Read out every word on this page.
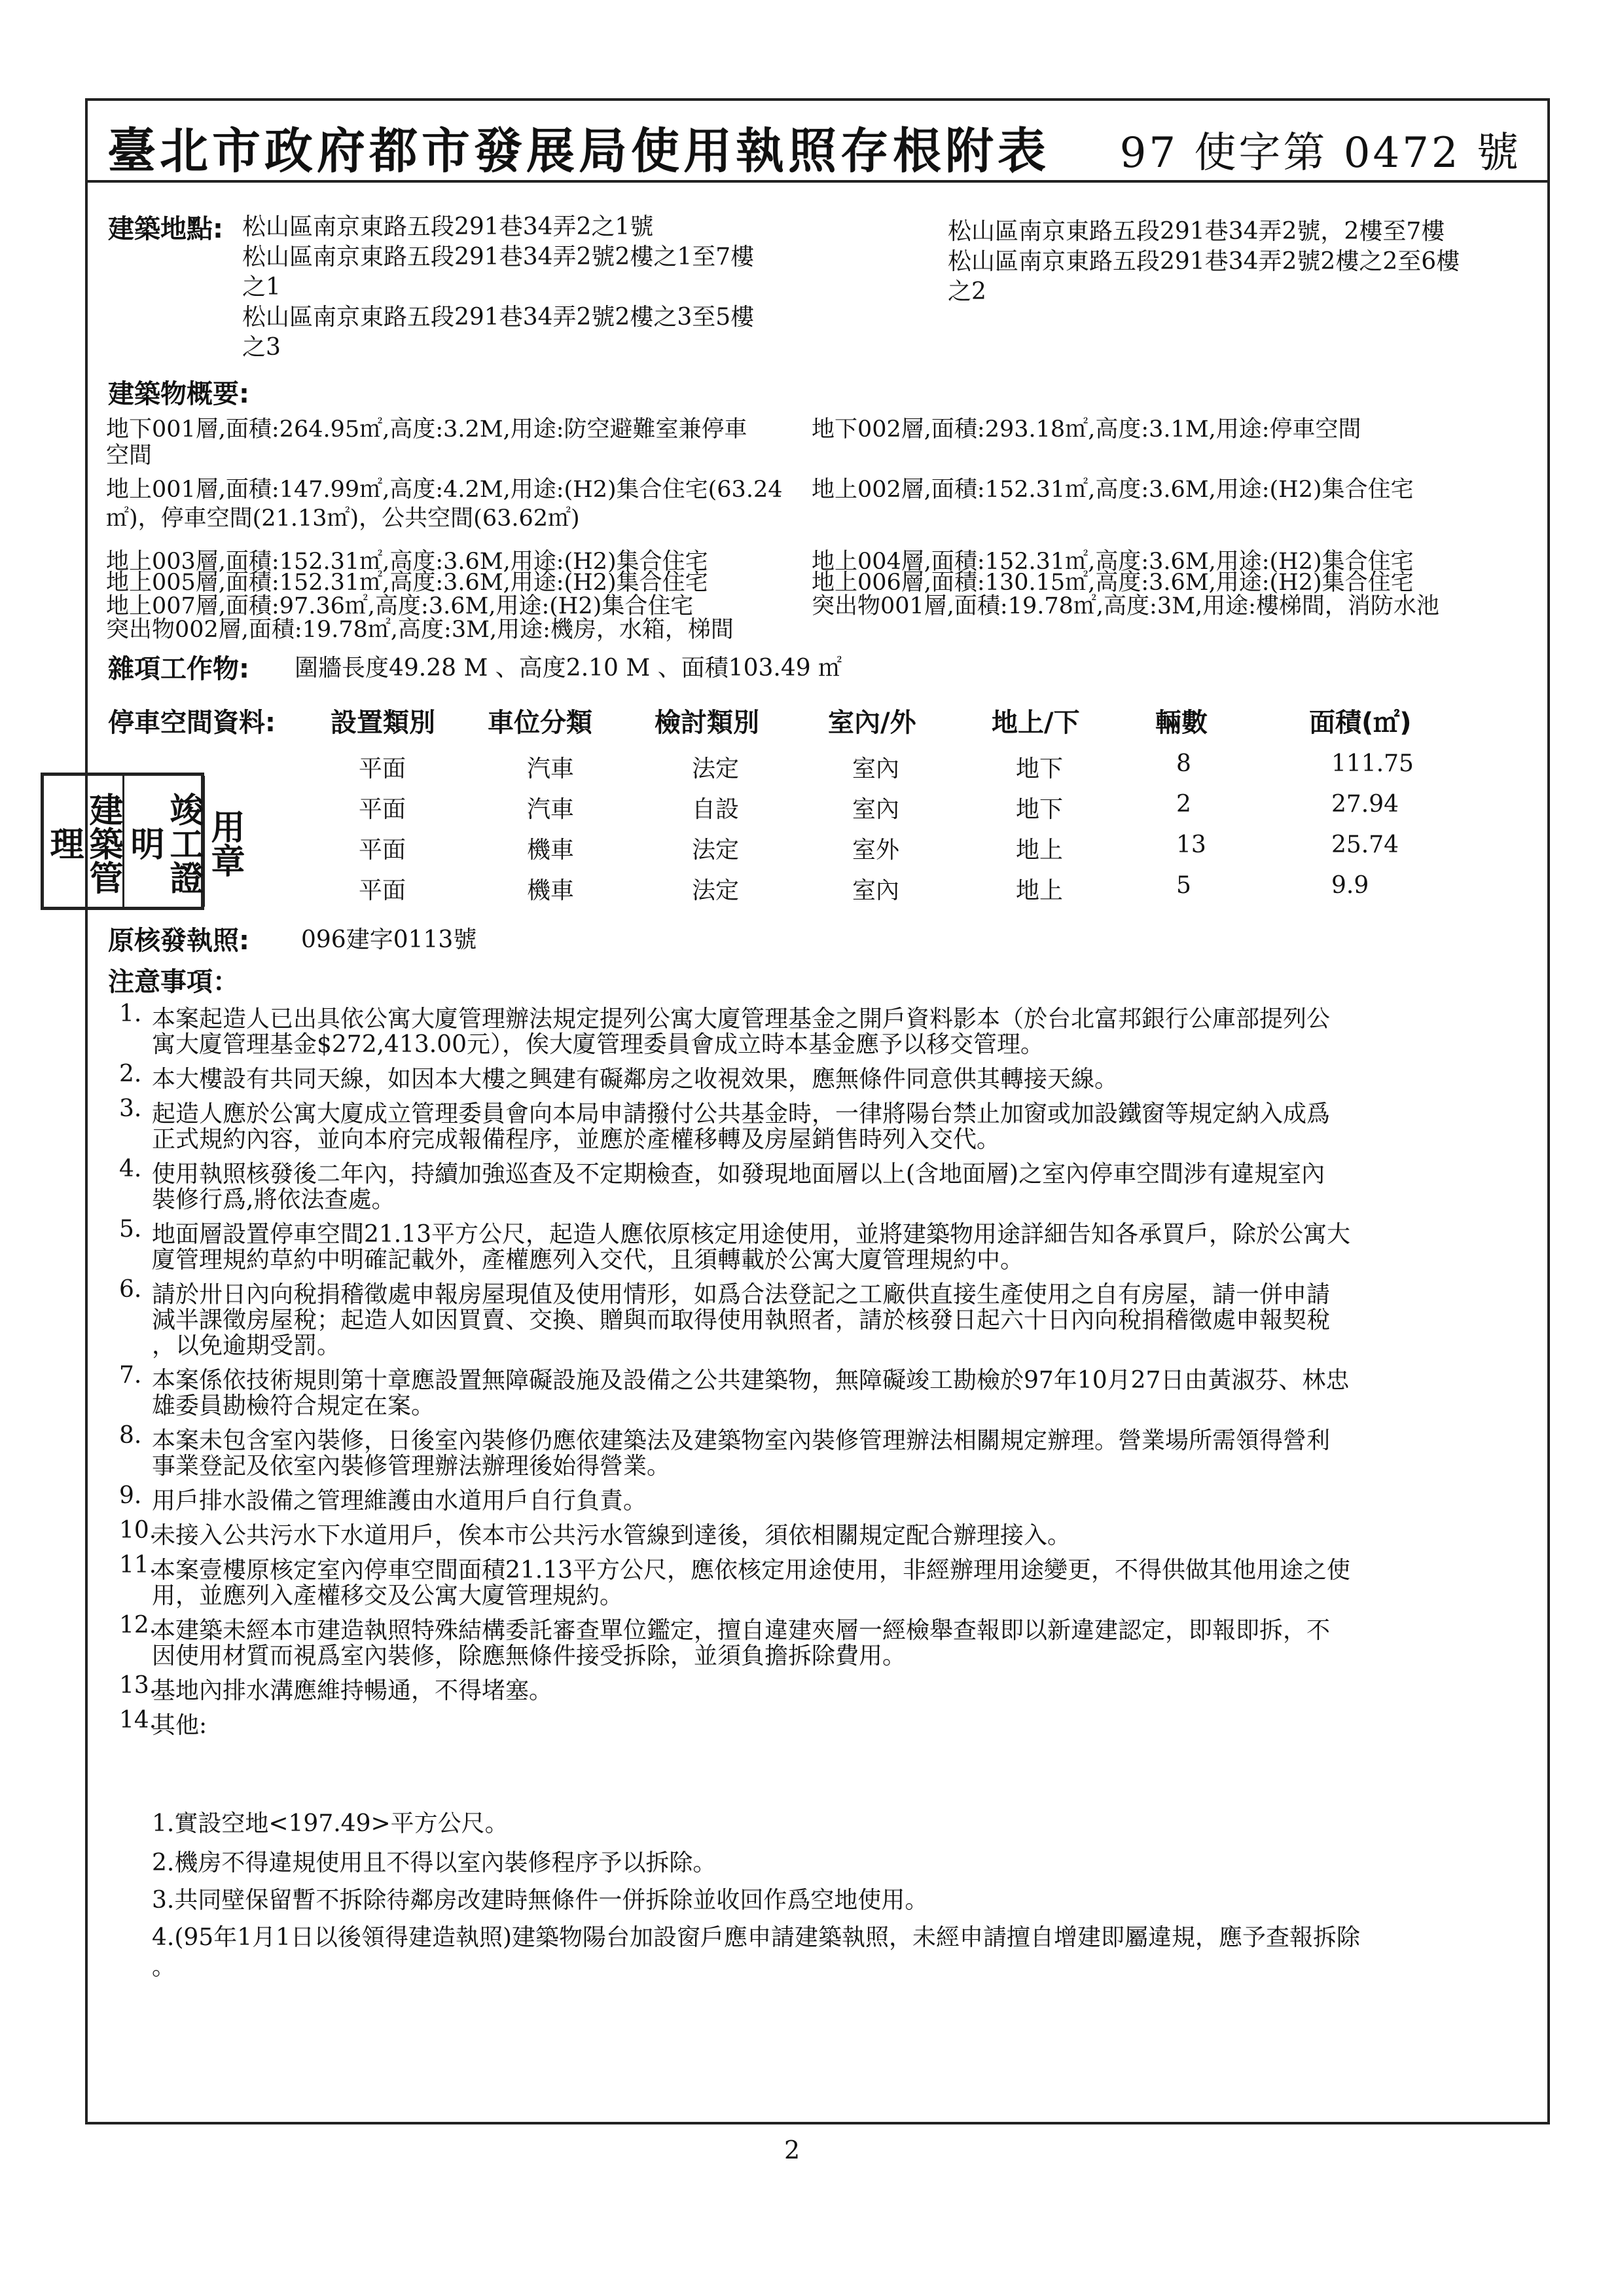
臺北市政府都市發展局使用執照存根附表 97 使字第 0472 號
建築地點: 松山區南京東路五段291巷34弄2之1號
松山區南京東路五段291巷34弄2號2樓之1至7樓
之1
松山區南京東路五段291巷34弄2號2樓之3至5樓
之3
松山區南京東路五段291巷34弄2號，2樓至7樓
松山區南京東路五段291巷34弄2號2樓之2至6樓
之2
建築物概要:
地下001層,面積:264.95㎡,高度:3.2M,用途:防空避難室兼停車	地下002層,面積:293.18㎡,高度:3.1M,用途:停車空間
空間
地上001層,面積:147.99㎡,高度:4.2M,用途:(H2)集合住宅(63.24 地上002層,面積:152.31㎡,高度:3.6M,用途:(H2)集合住宅
㎡)，停車空間(21.13㎡)，公共空間(63.62㎡)
地上003層,面積:152.31㎡,高度:3.6M,用途:(H2)集合住宅	地上004層,面積:152.31㎡,高度:3.6M,用途:(H2)集合住宅
地上005層,面積:152.31㎡,高度:3.6M,用途:(H2)集合住宅	地上006層,面積:130.15㎡,高度:3.6M,用途:(H2)集合住宅
地上007層,面積:97.36㎡,高度:3.6M,用途:(H2)集合住宅	突出物001層,面積:19.78㎡,高度:3M,用途:樓梯間，消防水池
突出物002層,面積:19.78㎡,高度:3M,用途:機房，水箱，梯間
雜項工作物: 圍牆長度49.28 M 、高度2.10 M 、面積103.49 ㎡
停車空間資料: 設置類別 車位分類 檢討類別	室內/外	地上/下	輛數	面積(㎡)
平面	汽車	法定	室內	地下	8	111.75
平面	汽車	自設	室內	地下	2	27.94
平面	機車	法定	室外	地上	13	25.74
平面	機車	法定	室內	地上	5	9.9
建築管理	竣工證明	用章
原核發執照: 096建字0113號
注意事項：
1. 本案起造人已出具依公寓大廈管理辦法規定提列公寓大廈管理基金之開戶資料影本（於台北富邦銀行公庫部提列公
寓大廈管理基金$272,413.00元），俟大廈管理委員會成立時本基金應予以移交管理。
2. 本大樓設有共同天線，如因本大樓之興建有礙鄰房之收視效果，應無條件同意供其轉接天線。
3. 起造人應於公寓大廈成立管理委員會向本局申請撥付公共基金時，一律將陽台禁止加窗或加設鐵窗等規定納入成爲
正式規約內容，並向本府完成報備程序，並應於產權移轉及房屋銷售時列入交代。
4. 使用執照核發後二年內，持續加強巡查及不定期檢查，如發現地面層以上(含地面層)之室內停車空間涉有違規室內
裝修行爲,將依法查處。
5. 地面層設置停車空間21.13平方公尺，起造人應依原核定用途使用，並將建築物用途詳細告知各承買戶，除於公寓大
廈管理規約草約中明確記載外，產權應列入交代，且須轉載於公寓大廈管理規約中。
6. 請於卅日內向稅捐稽徵處申報房屋現值及使用情形，如爲合法登記之工廠供直接生產使用之自有房屋，請一併申請
減半課徵房屋稅；起造人如因買賣、交換、贈與而取得使用執照者，請於核發日起六十日內向稅捐稽徵處申報契稅
，以免逾期受罰。
7. 本案係依技術規則第十章應設置無障礙設施及設備之公共建築物，無障礙竣工勘檢於97年10月27日由黃淑芬、林忠
雄委員勘檢符合規定在案。
8. 本案未包含室內裝修，日後室內裝修仍應依建築法及建築物室內裝修管理辦法相關規定辦理。營業場所需領得營利
事業登記及依室內裝修管理辦法辦理後始得營業。
9. 用戶排水設備之管理維護由水道用戶自行負責。
10.
未接入公共污水下水道用戶，俟本市公共污水管線到達後，須依相關規定配合辦理接入。
11.
本案壹樓原核定室內停車空間面積21.13平方公尺，應依核定用途使用，非經辦理用途變更，不得供做其他用途之使
用，並應列入產權移交及公寓大廈管理規約。
12.
本建築未經本市建造執照特殊結構委託審查單位鑑定，擅自違建夾層一經檢舉查報即以新違建認定，即報即拆，不
因使用材質而視爲室內裝修，除應無條件接受拆除，並須負擔拆除費用。
13.
基地內排水溝應維持暢通，不得堵塞。
14.
其他:
1.實設空地<197.49>平方公尺。
2.機房不得違規使用且不得以室內裝修程序予以拆除。
3.共同壁保留暫不拆除待鄰房改建時無條件一併拆除並收回作爲空地使用。
4.(95年1月1日以後領得建造執照)建築物陽台加設窗戶應申請建築執照，未經申請擅自增建即屬違規，應予查報拆除
。
2
